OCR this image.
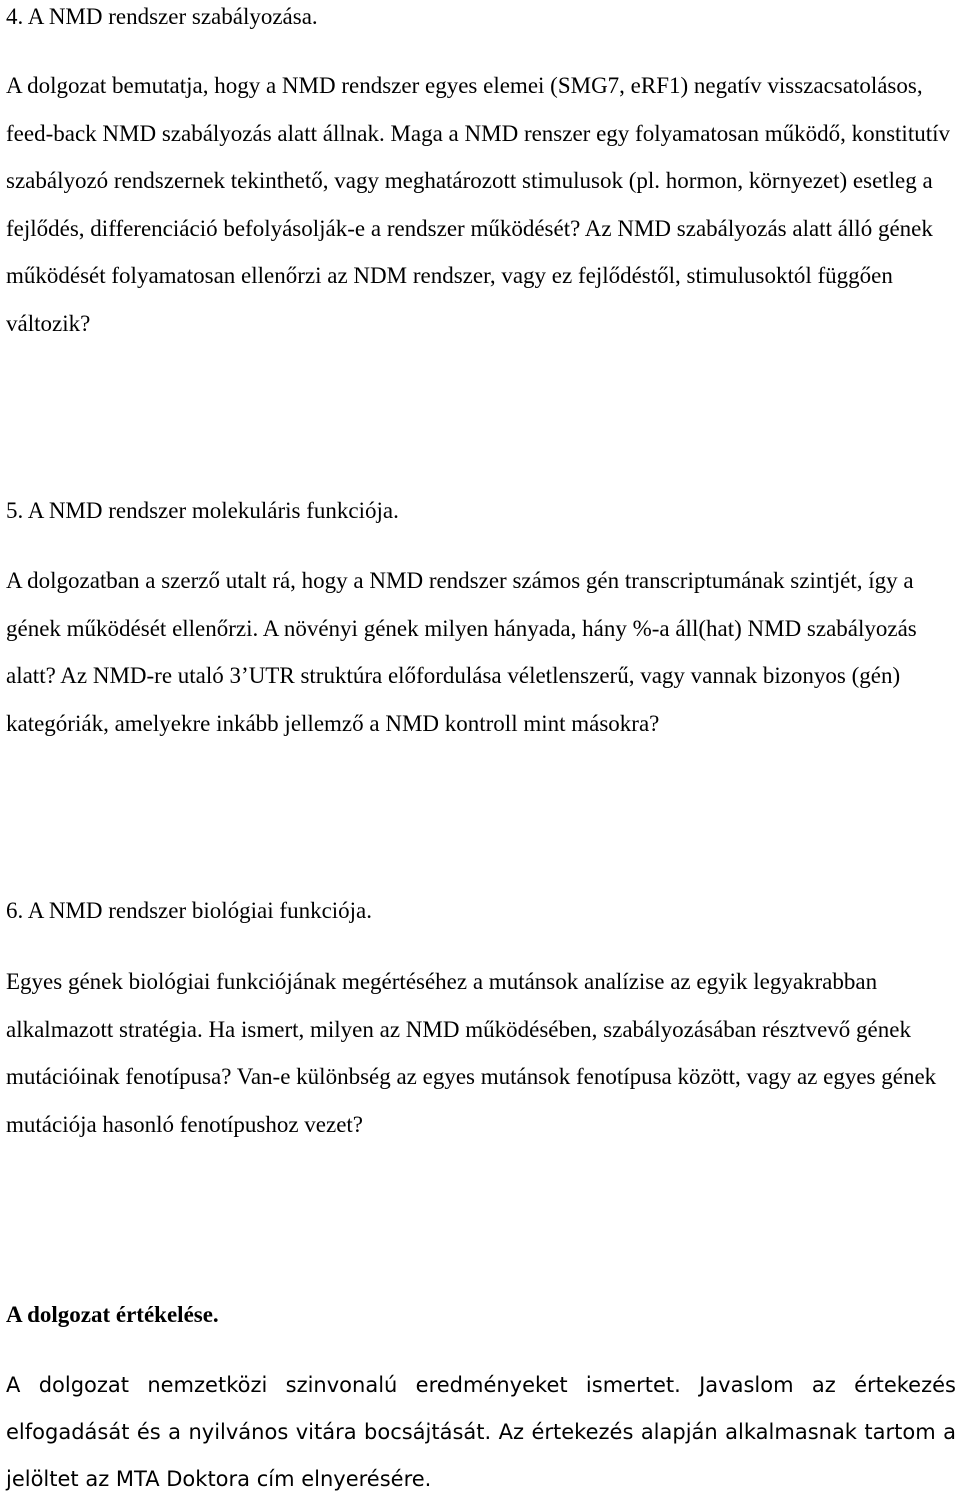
4. A NMD rendszer szabályozása.

A dolgozat bemutatja, hogy a NMD rendszer egyes elemei (SMG7, eRF1) negatív visszacsatolásos, feed-back NMD szabályozás alatt állnak. Maga a NMD renszer egy folyamatosan működő, konstitutív szabályozó rendszernek tekinthető, vagy meghatározott stimulusok (pl. hormon, környezet) esetleg a fejlődés, differenciáció befolyásolják-e a rendszer működését? Az NMD szabályozás alatt álló gének működését folyamatosan ellenőrzi az NDM rendszer, vagy ez fejlődéstől, stimulusoktól függően változik?

5. A NMD rendszer molekuláris funkciója.

A dolgozatban a szerző utalt rá, hogy a NMD rendszer számos gén transcriptumának szintjét, így a gének működését ellenőrzi. A növényi gének milyen hányada, hány %-a áll(hat) NMD szabályozás alatt? Az NMD-re utaló 3’UTR struktúra előfordulása véletlenszerű, vagy vannak bizonyos (gén) kategóriák, amelyekre inkább jellemző a NMD kontroll mint másokra?

6. A NMD rendszer biológiai funkciója.

Egyes gének biológiai funkciójának megértéséhez a mutánsok analízise az egyik legyakrabban alkalmazott stratégia. Ha ismert, milyen az NMD működésében, szabályozásában résztvevő gének mutációinak fenotípusa? Van-e különbség az egyes mutánsok fenotípusa között, vagy az egyes gének mutációja hasonló fenotípushoz vezet?

A dolgozat értékelése.

A dolgozat nemzetközi szinvonalú eredményeket ismertet. Javaslom az értekezés elfogadását és a nyilvános vitára bocsájtását. Az értekezés alapján alkalmasnak tartom a jelöltet az MTA Doktora cím elnyerésére.
